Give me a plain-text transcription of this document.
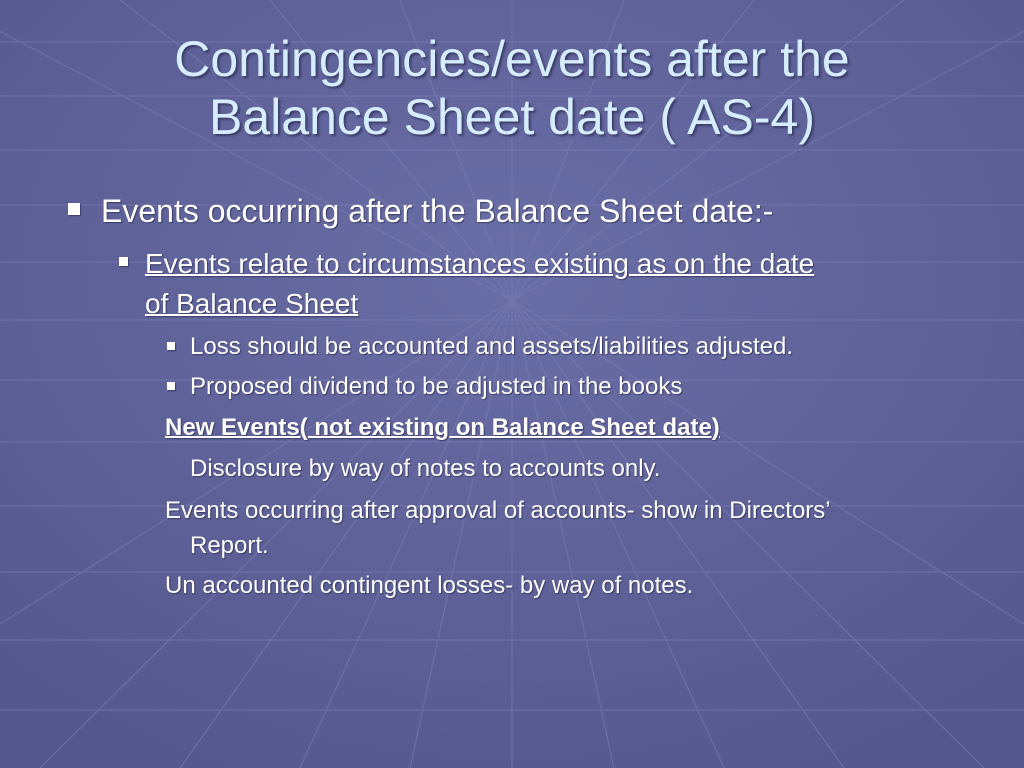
Contingencies/events after the
Balance Sheet date ( AS-4)
Events occurring after the Balance Sheet date:-
Events relate to circumstances existing as on the date
of Balance Sheet
Loss should be accounted and assets/liabilities adjusted.
Proposed dividend to be adjusted in the books
New Events( not existing on Balance Sheet date)
Disclosure by way of notes to accounts only.
Events occurring after approval of accounts- show in Directors’
Report.
Un accounted contingent losses- by way of notes.
